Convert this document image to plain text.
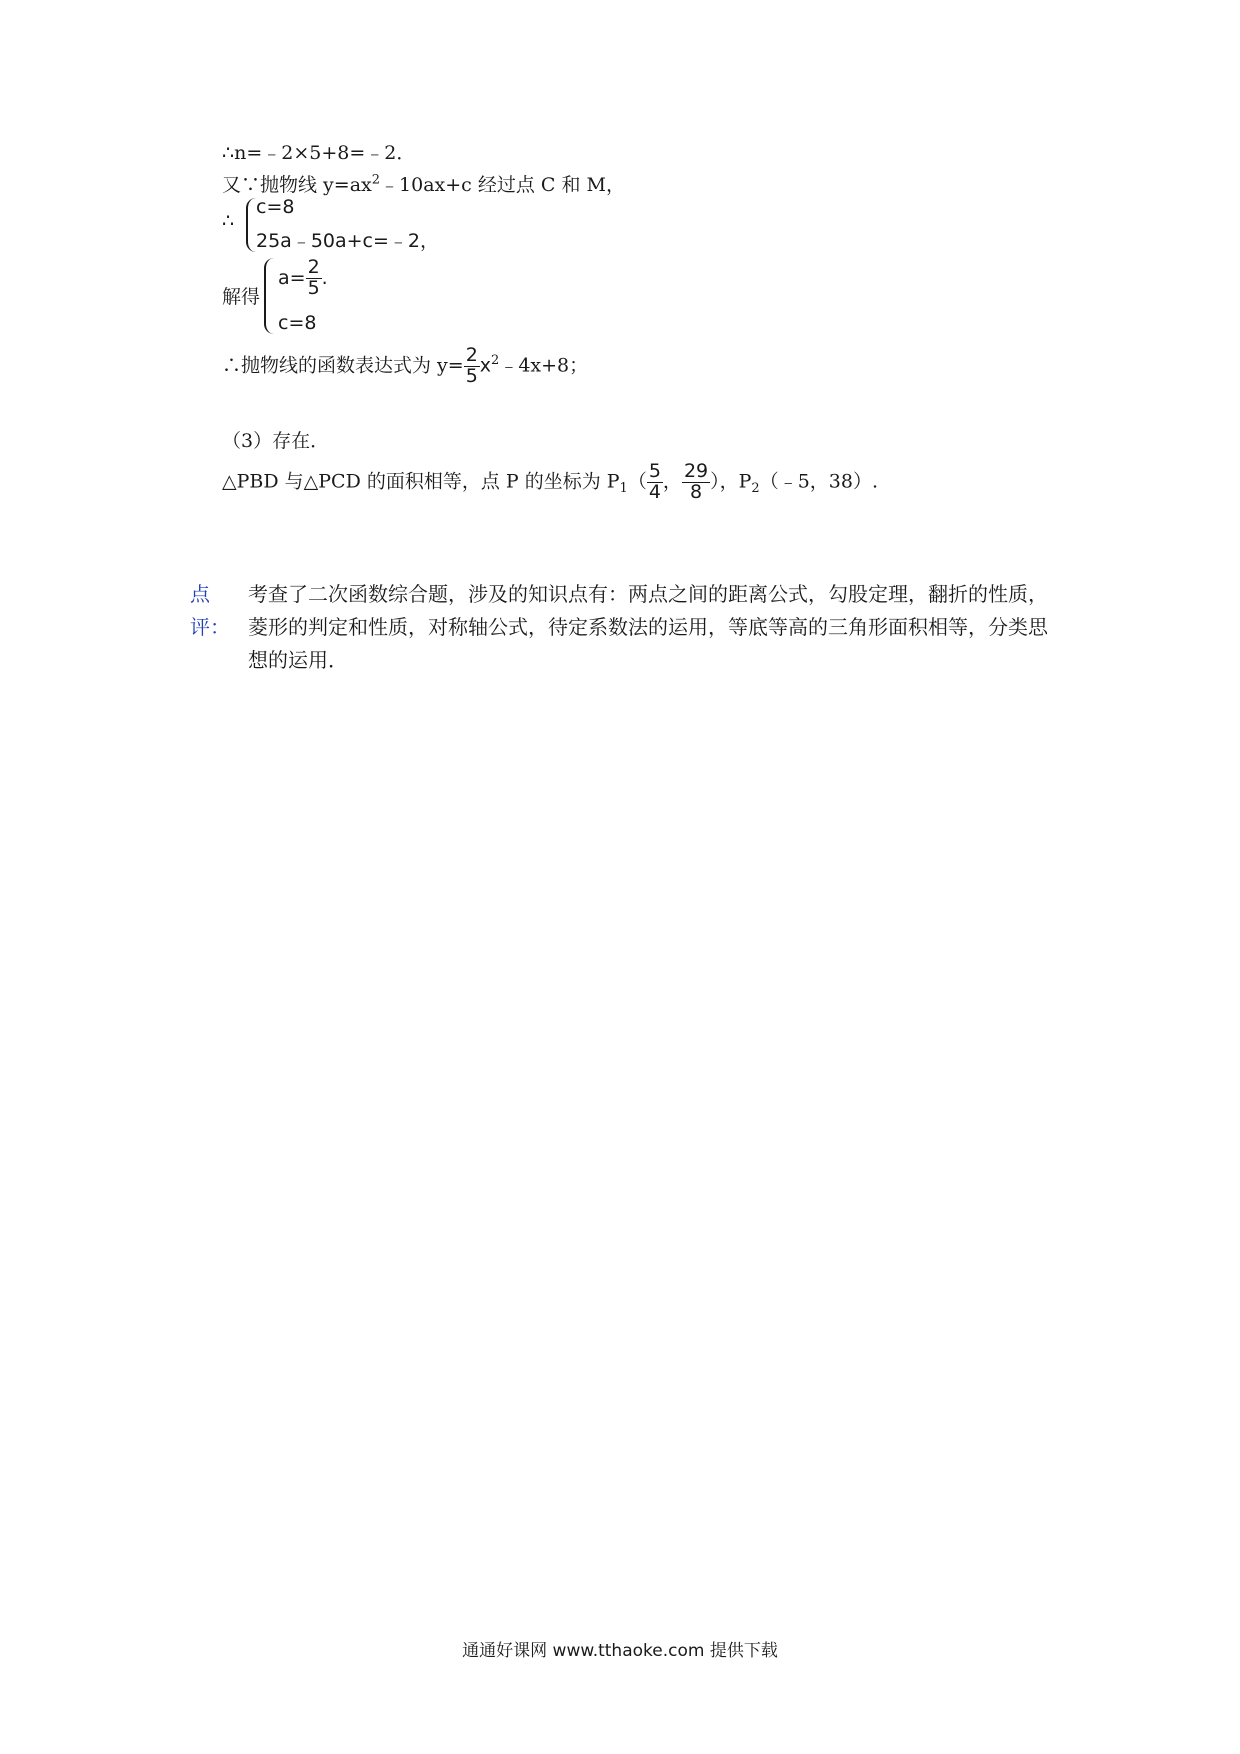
∴n=﹣2×5+8=﹣2．
又∵抛物线 $y=ax^2﹣10ax+c$ 经过点 C 和 M，
∴
c=8
25a﹣50a+c=﹣2，
解得
$a= \frac{2}{5}$ .
c=8
∴抛物线的函数表达式为 $y= \frac{2}{5}$ $x^2﹣4x+8$；
（3）存在．
△PBD 与△PCD 的面积相等，点 P 的坐标为 $P_1( \frac{5}{4}$ ， $\frac{29}{8}$ ），$P_2(﹣5$，38）.
点评：
考查了二次函数综合题，涉及的知识点有：两点之间的距离公式，勾股定理，翻折的性质，菱形的判定和性质，对称轴公式，待定系数法的运用，等底等高的三角形面积相等，分类思想的运用．
通通好课网 www.tthaoke.com 提供下载
